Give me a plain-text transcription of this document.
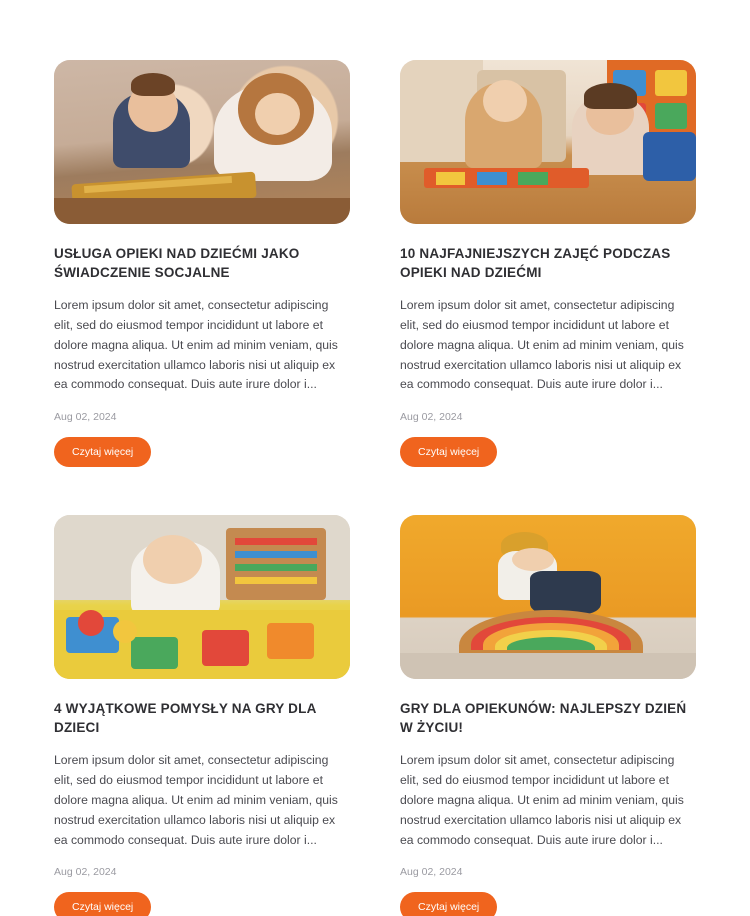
USŁUGA OPIEKI NAD DZIEĆMI JAKO ŚWIADCZENIE SOCJALNE

Lorem ipsum dolor sit amet, consectetur adipiscing elit, sed do eiusmod tempor incididunt ut labore et dolore magna aliqua. Ut enim ad minim veniam, quis nostrud exercitation ullamco laboris nisi ut aliquip ex ea commodo consequat. Duis aute irure dolor i...

Aug 02, 2024
Czytaj więcej
10 NAJFAJNIEJSZYCH ZAJĘĆ PODCZAS OPIEKI NAD DZIEĆMI

Lorem ipsum dolor sit amet, consectetur adipiscing elit, sed do eiusmod tempor incididunt ut labore et dolore magna aliqua. Ut enim ad minim veniam, quis nostrud exercitation ullamco laboris nisi ut aliquip ex ea commodo consequat. Duis aute irure dolor i...

Aug 02, 2024
Czytaj więcej
4 WYJĄTKOWE POMYSŁY NA GRY DLA DZIECI

Lorem ipsum dolor sit amet, consectetur adipiscing elit, sed do eiusmod tempor incididunt ut labore et dolore magna aliqua. Ut enim ad minim veniam, quis nostrud exercitation ullamco laboris nisi ut aliquip ex ea commodo consequat. Duis aute irure dolor i...

Aug 02, 2024
Czytaj więcej
GRY DLA OPIEKUNÓW: NAJLEPSZY DZIEŃ W ŻYCIU!

Lorem ipsum dolor sit amet, consectetur adipiscing elit, sed do eiusmod tempor incididunt ut labore et dolore magna aliqua. Ut enim ad minim veniam, quis nostrud exercitation ullamco laboris nisi ut aliquip ex ea commodo consequat. Duis aute irure dolor i...

Aug 02, 2024
Czytaj więcej
